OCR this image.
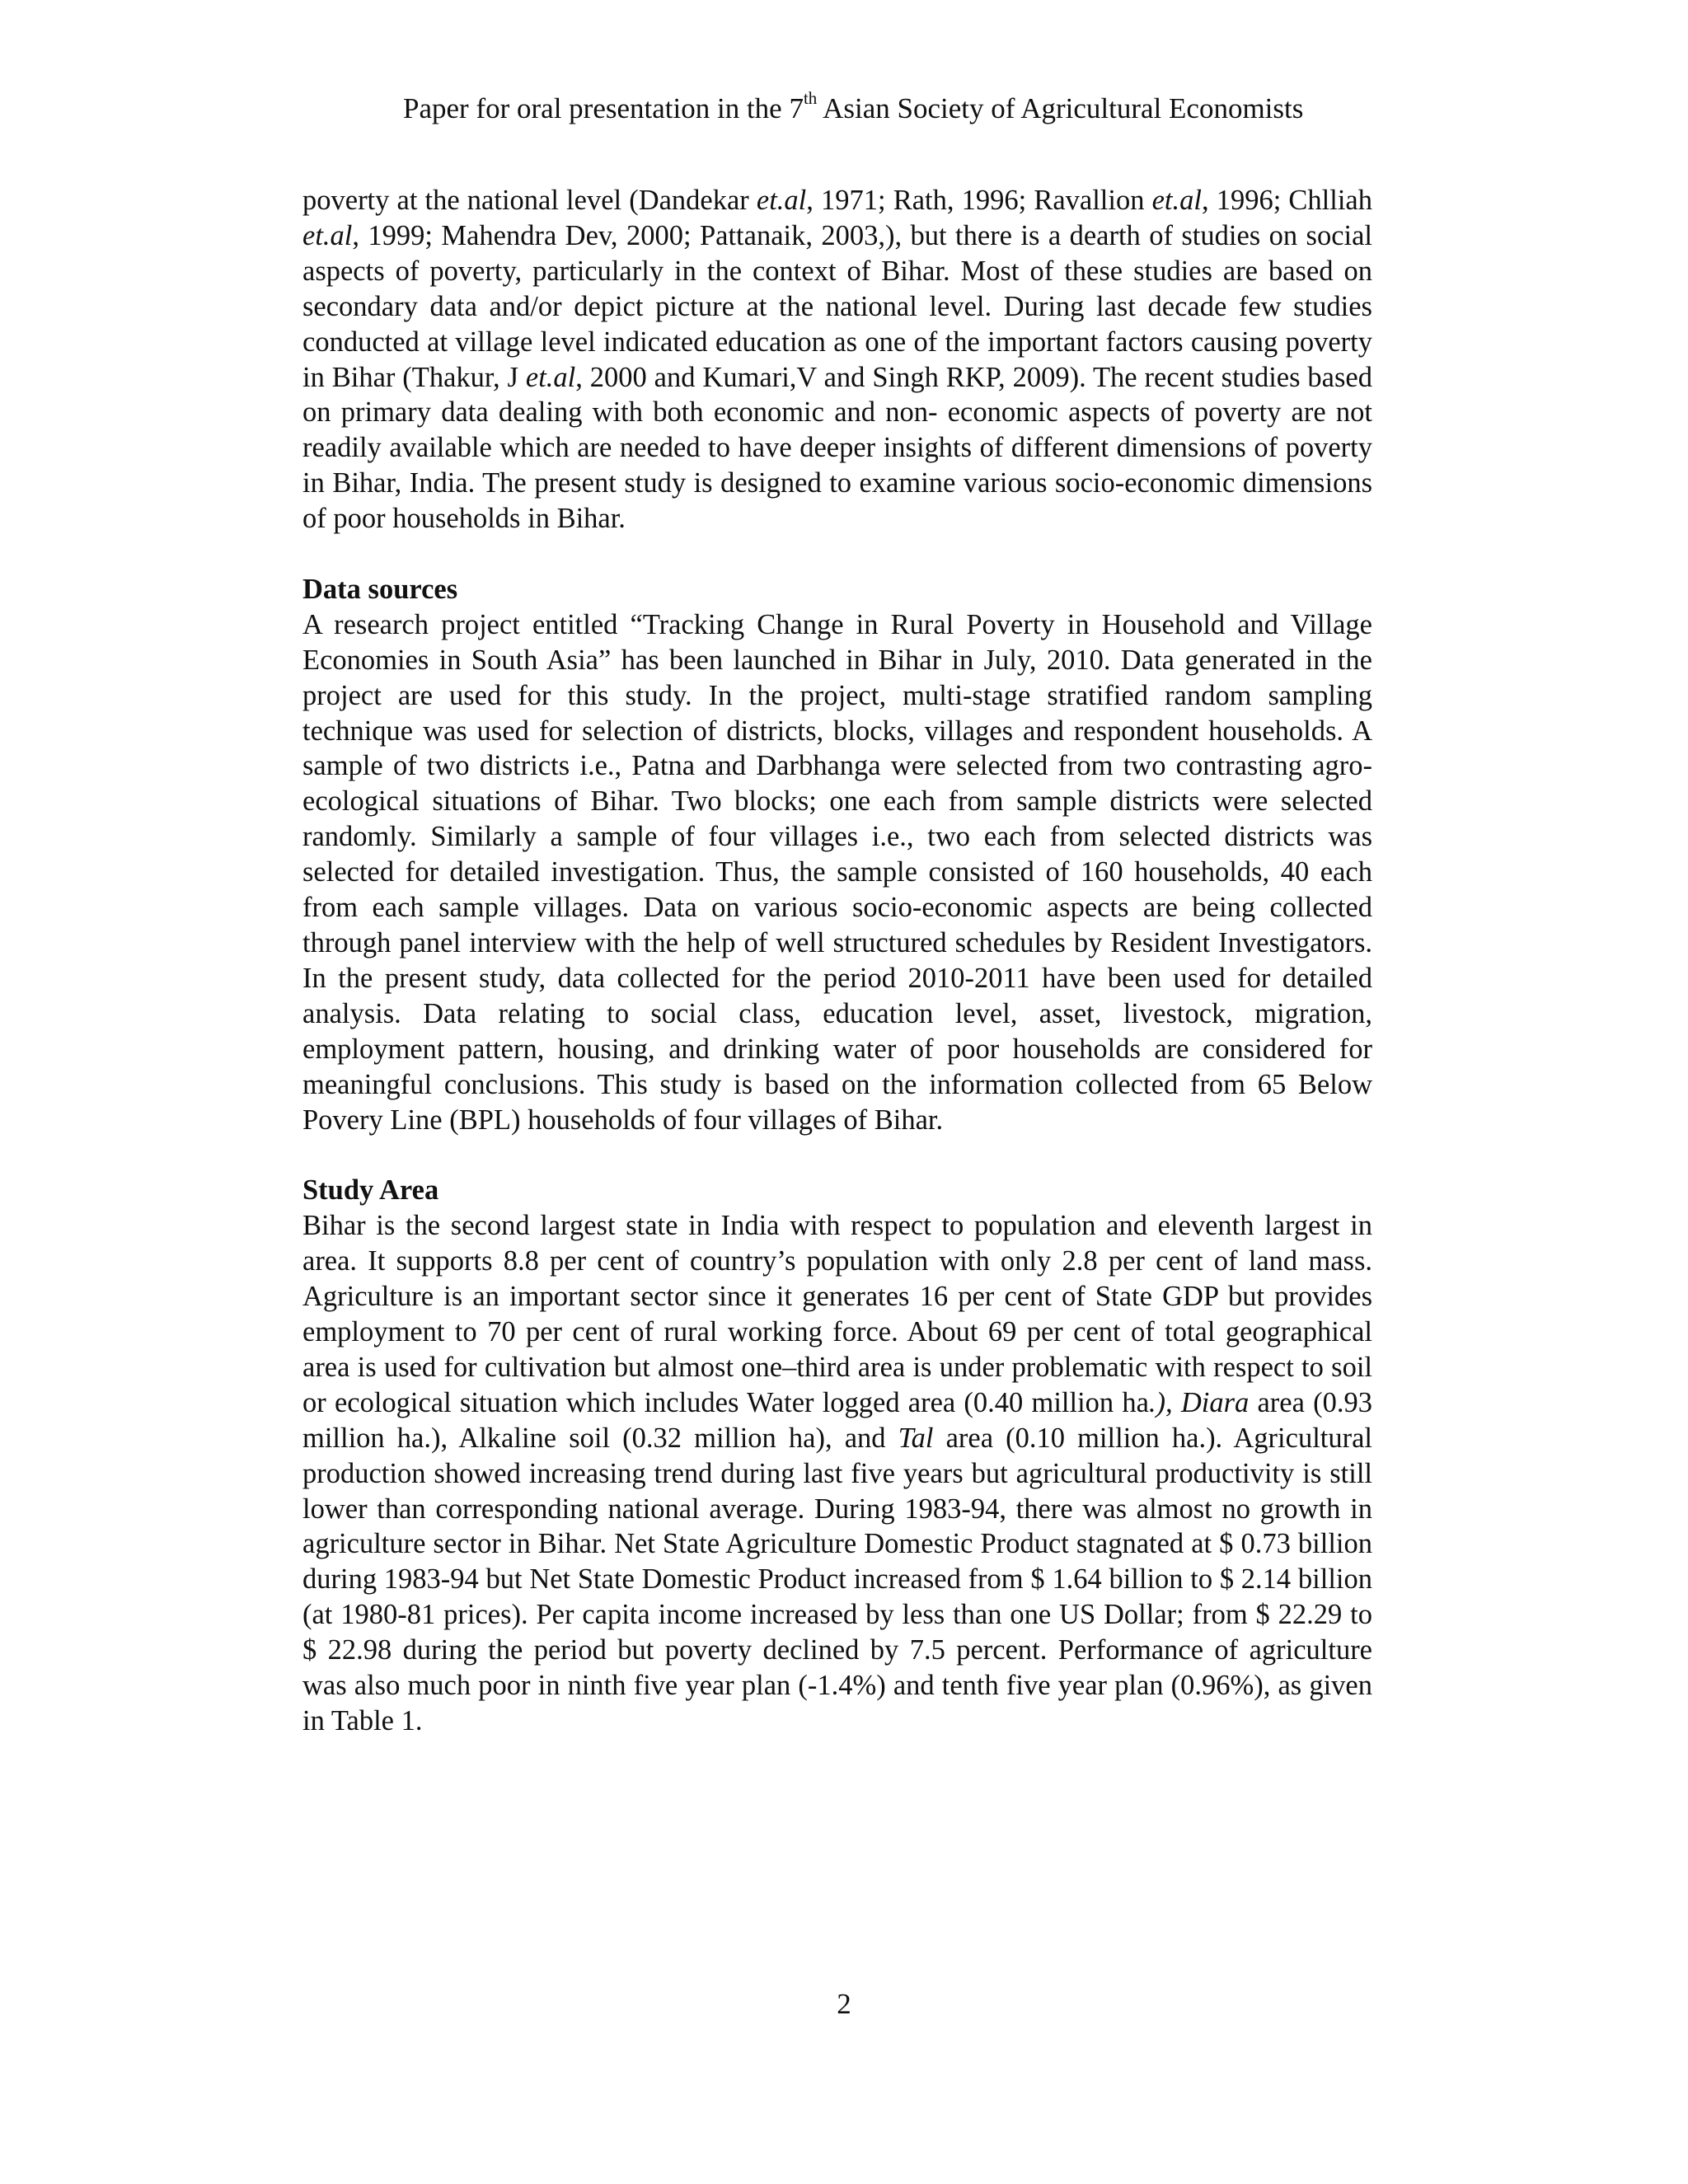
Paper for oral presentation in the 7th Asian Society of Agricultural Economists

poverty at the national level (Dandekar et.al, 1971; Rath, 1996; Ravallion et.al, 1996; Chlliah et.al, 1999; Mahendra Dev, 2000; Pattanaik, 2003,), but there is a dearth of studies on social aspects of poverty, particularly in the context of Bihar. Most of these studies are based on secondary data and/or depict picture at the national level. During last decade few studies conducted at village level indicated education as one of the important factors causing poverty in Bihar (Thakur, J et.al, 2000 and Kumari,V and Singh RKP, 2009). The recent studies based on primary data dealing with both economic and non- economic aspects of poverty are not readily available which are needed to have deeper insights of different dimensions of poverty in Bihar, India. The present study is designed to examine various socio-economic dimensions of poor households in Bihar.

Data sources

A research project entitled “Tracking Change in Rural Poverty in Household and Village Economies in South Asia” has been launched in Bihar in July, 2010. Data generated in the project are used for this study. In the project, multi-stage stratified random sampling technique was used for selection of districts, blocks, villages and respondent households. A sample of two districts i.e., Patna and Darbhanga were selected from two contrasting agro-ecological situations of Bihar. Two blocks; one each from sample districts were selected randomly. Similarly a sample of four villages i.e., two each from selected districts was selected for detailed investigation. Thus, the sample consisted of 160 households, 40 each from each sample villages. Data on various socio-economic aspects are being collected through panel interview with the help of well structured schedules by Resident Investigators. In the present study, data collected for the period 2010-2011 have been used for detailed analysis. Data relating to social class, education level, asset, livestock, migration, employment pattern, housing, and drinking water of poor households are considered for meaningful conclusions. This study is based on the information collected from 65 Below Povery Line (BPL) households of four villages of Bihar.

Study Area

Bihar is the second largest state in India with respect to population and eleventh largest in area. It supports 8.8 per cent of country’s population with only 2.8 per cent of land mass. Agriculture is an important sector since it generates 16 per cent of State GDP but provides employment to 70 per cent of rural working force. About 69 per cent of total geographical area is used for cultivation but almost one–third area is under problematic with respect to soil or ecological situation which includes Water logged area (0.40 million ha.), Diara area (0.93 million ha.), Alkaline soil (0.32 million ha), and Tal area (0.10 million ha.). Agricultural production showed increasing trend during last five years but agricultural productivity is still lower than corresponding national average. During 1983-94, there was almost no growth in agriculture sector in Bihar. Net State Agriculture Domestic Product stagnated at $ 0.73 billion during 1983-94 but Net State Domestic Product increased from $ 1.64 billion to $ 2.14 billion (at 1980-81 prices). Per capita income increased by less than one US Dollar; from $ 22.29 to $ 22.98 during the period but poverty declined by 7.5 percent. Performance of agriculture was also much poor in ninth five year plan (-1.4%) and tenth five year plan (0.96%), as given in Table 1.

2
